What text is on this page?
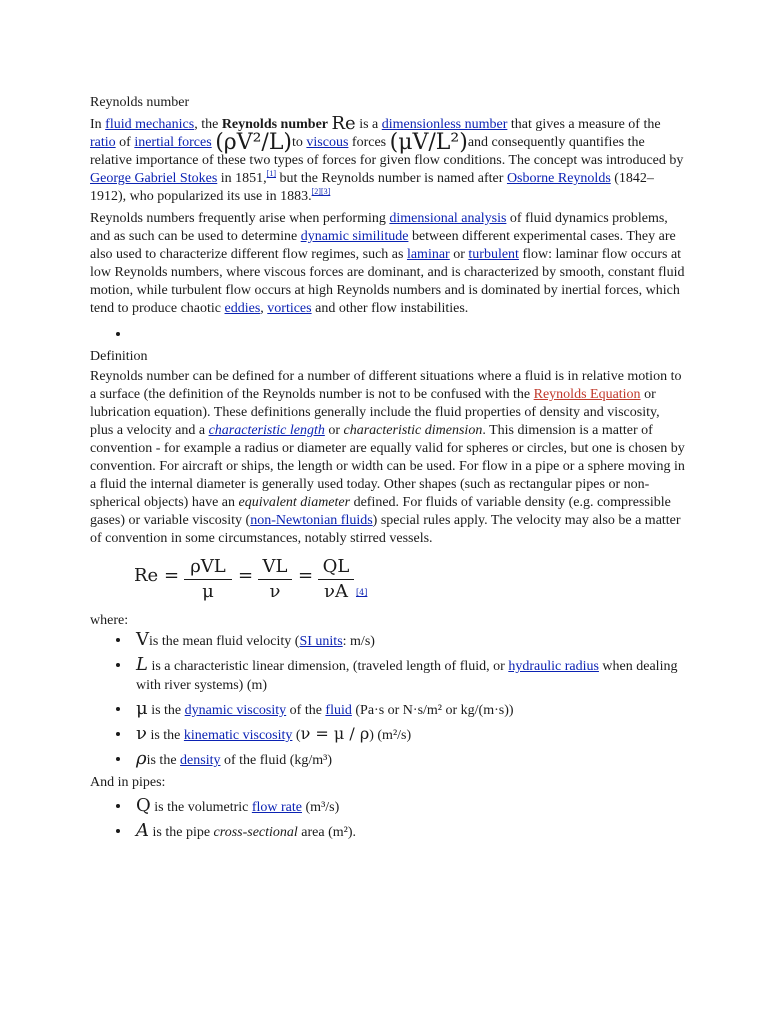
Reynolds number

In fluid mechanics, the Reynolds number Re is a dimensionless number that gives a measure of the ratio of inertial forces (ρV²/L)to viscous forces (μV/L²)and consequently quantifies the relative importance of these two types of forces for given flow conditions. The concept was introduced by George Gabriel Stokes in 1851,[1] but the Reynolds number is named after Osborne Reynolds (1842–1912), who popularized its use in 1883.[2][3]

Reynolds numbers frequently arise when performing dimensional analysis of fluid dynamics problems, and as such can be used to determine dynamic similitude between different experimental cases. They are also used to characterize different flow regimes, such as laminar or turbulent flow: laminar flow occurs at low Reynolds numbers, where viscous forces are dominant, and is characterized by smooth, constant fluid motion, while turbulent flow occurs at high Reynolds numbers and is dominated by inertial forces, which tend to produce chaotic eddies, vortices and other flow instabilities.

Definition

Reynolds number can be defined for a number of different situations where a fluid is in relative motion to a surface (the definition of the Reynolds number is not to be confused with the Reynolds Equation or lubrication equation). These definitions generally include the fluid properties of density and viscosity, plus a velocity and a characteristic length or characteristic dimension. This dimension is a matter of convention - for example a radius or diameter are equally valid for spheres or circles, but one is chosen by convention. For aircraft or ships, the length or width can be used. For flow in a pipe or a sphere moving in a fluid the internal diameter is generally used today. Other shapes (such as rectangular pipes or non-spherical objects) have an equivalent diameter defined. For fluids of variable density (e.g. compressible gases) or variable viscosity (non-Newtonian fluids) special rules apply. The velocity may also be a matter of convention in some circumstances, notably stirred vessels.

Re = ρVL
μ
= VL
ν
= QL
νA	[4]

where:

Vis the mean fluid velocity (SI units: m/s)
L is a characteristic linear dimension, (traveled length of fluid, or hydraulic radius when dealing with river systems) (m)
μ is the dynamic viscosity of the fluid (Pa·s or N·s/m² or kg/(m·s))
ν is the kinematic viscosity (ν = μ / ρ) (m²/s)
ρis the density of the fluid (kg/m³)

And in pipes:

Q is the volumetric flow rate (m³/s)
A is the pipe cross-sectional area (m²).
